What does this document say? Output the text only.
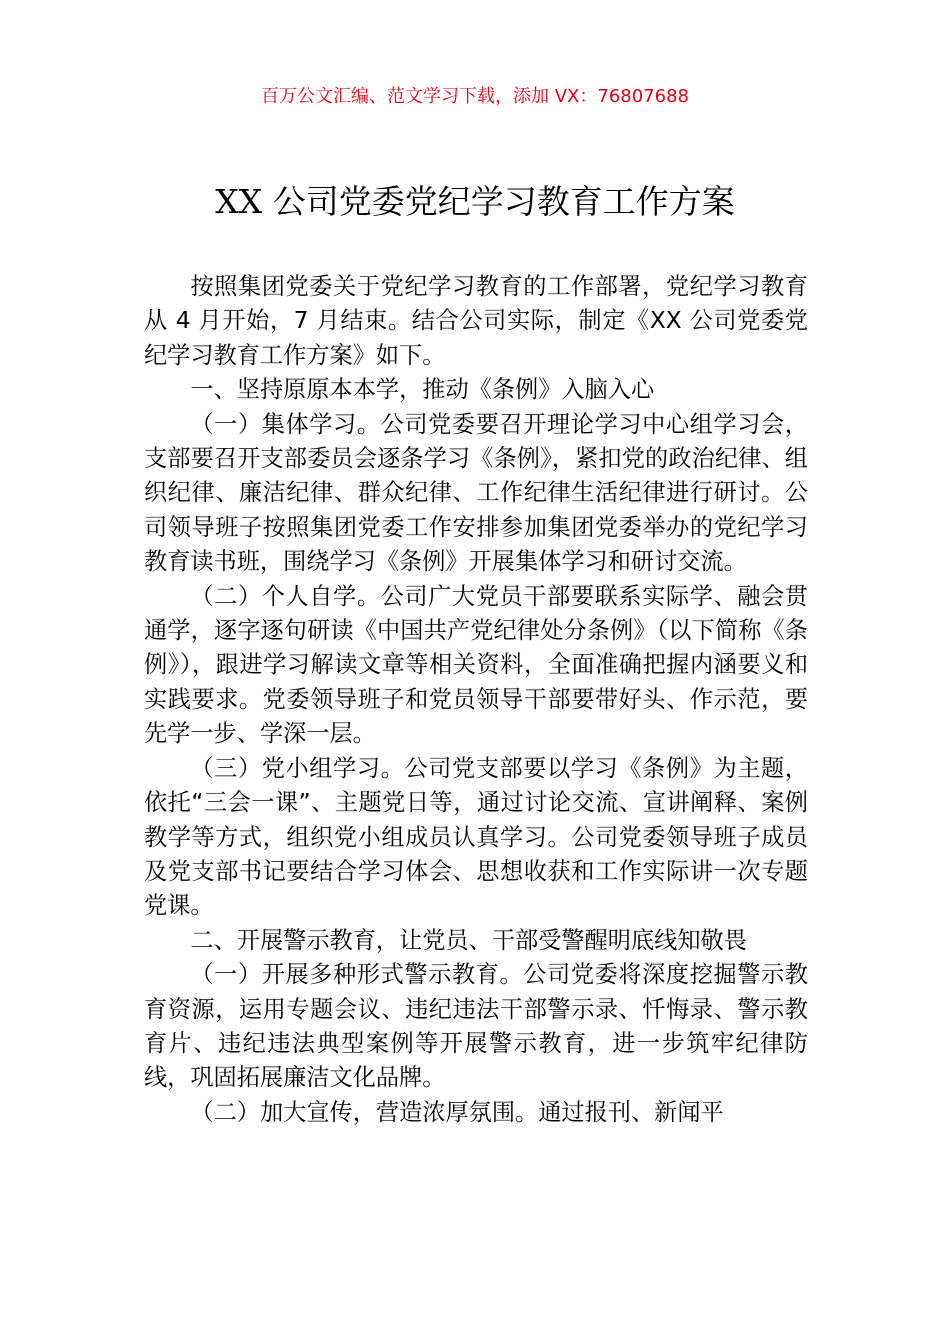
百万公文汇编、范文学习下载，添加 VX：76807688
XX 公司党委党纪学习教育工作方案

按照集团党委关于党纪学习教育的工作部署，党纪学习教育从 4 月开始，7 月结束。结合公司实际，制定《XX 公司党委党纪学习教育工作方案》如下。

一、坚持原原本本学，推动《条例》入脑入心

（一）集体学习。公司党委要召开理论学习中心组学习会，支部要召开支部委员会逐条学习《条例》，紧扣党的政治纪律、组织纪律、廉洁纪律、群众纪律、工作纪律生活纪律进行研讨。公司领导班子按照集团党委工作安排参加集团党委举办的党纪学习教育读书班，围绕学习《条例》开展集体学习和研讨交流。

（二）个人自学。公司广大党员干部要联系实际学、融会贯通学，逐字逐句研读《中国共产党纪律处分条例》（以下简称《条例》），跟进学习解读文章等相关资料，全面准确把握内涵要义和实践要求。党委领导班子和党员领导干部要带好头、作示范，要先学一步、学深一层。

（三）党小组学习。公司党支部要以学习《条例》为主题，依托“三会一课”、主题党日等，通过讨论交流、宣讲阐释、案例教学等方式，组织党小组成员认真学习。公司党委领导班子成员及党支部书记要结合学习体会、思想收获和工作实际讲一次专题党课。

二、开展警示教育，让党员、干部受警醒明底线知敬畏

（一）开展多种形式警示教育。公司党委将深度挖掘警示教育资源，运用专题会议、违纪违法干部警示录、忏悔录、警示教育片、违纪违法典型案例等开展警示教育，进一步筑牢纪律防线，巩固拓展廉洁文化品牌。

（二）加大宣传，营造浓厚氛围。通过报刊、新闻平
